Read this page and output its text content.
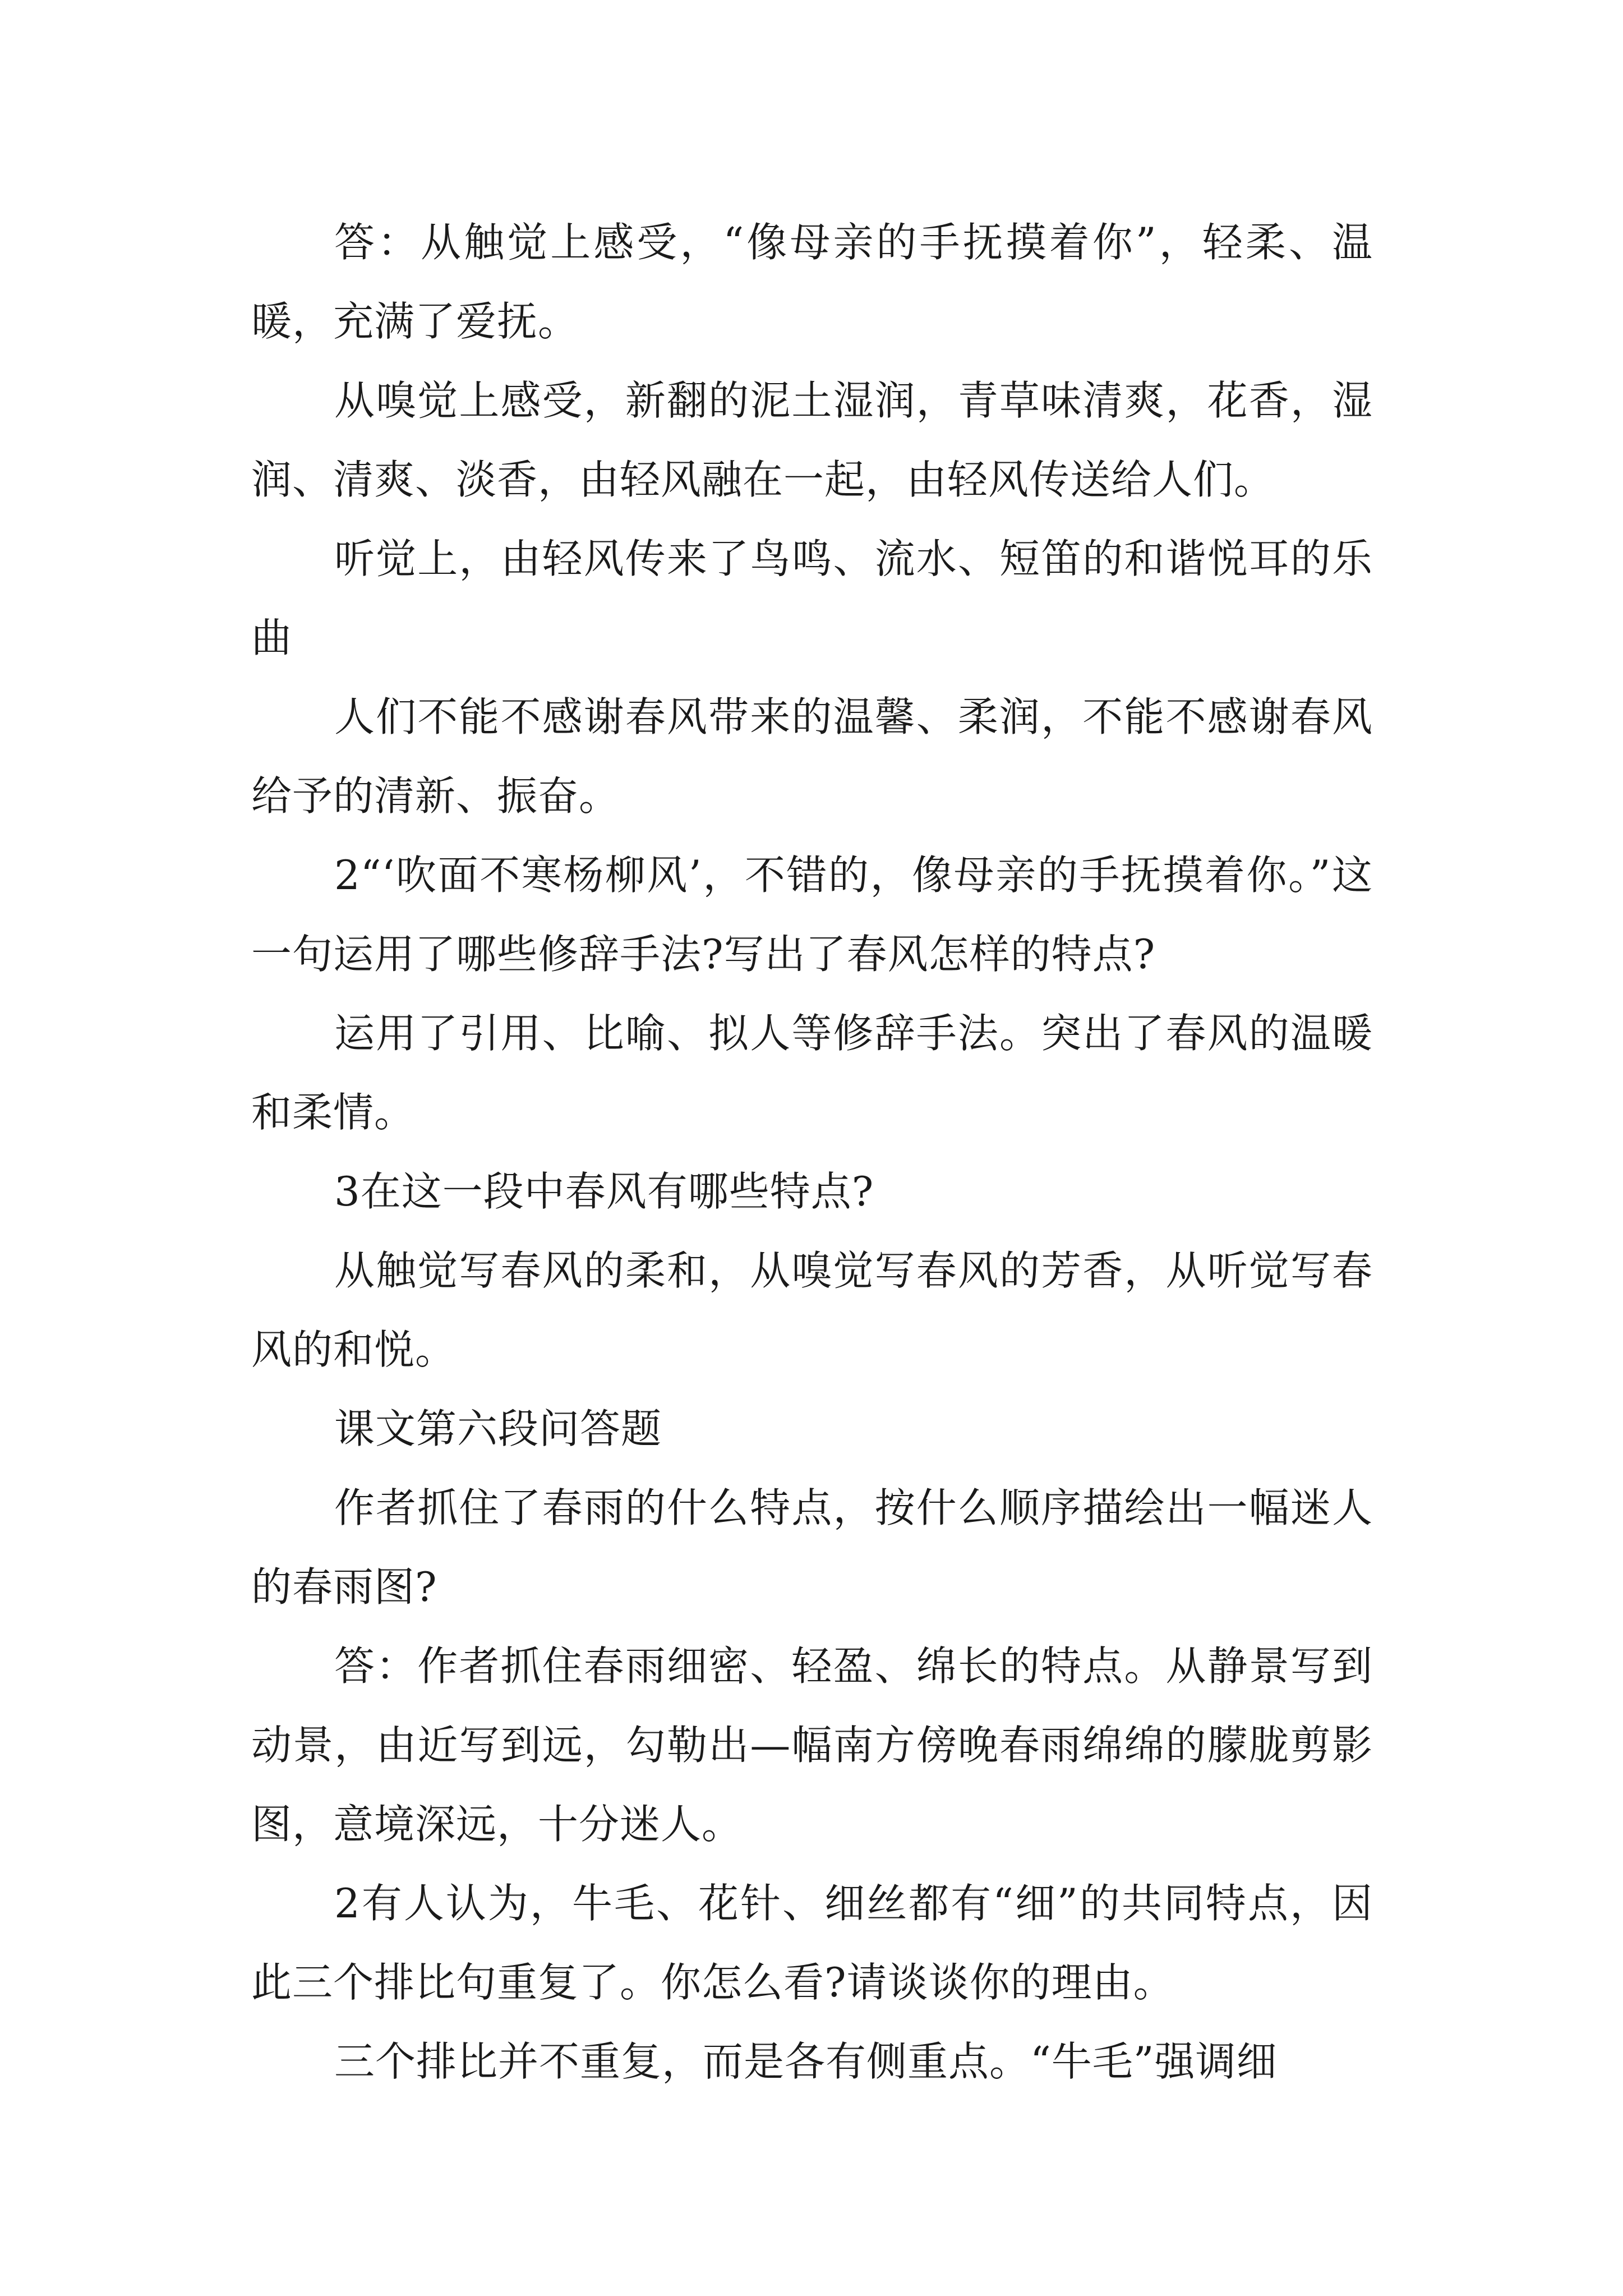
答：从触觉上感受，“像母亲的手抚摸着你”，轻柔、温暖，充满了爱抚。

从嗅觉上感受，新翻的泥土湿润，青草味清爽，花香，湿润、清爽、淡香，由轻风融在一起，由轻风传送给人们。

听觉上，由轻风传来了鸟鸣、流水、短笛的和谐悦耳的乐曲

人们不能不感谢春风带来的温馨、柔润，不能不感谢春风给予的清新、振奋。

2“‘吹面不寒杨柳风’，不错的，像母亲的手抚摸着你。”这一句运用了哪些修辞手法?写出了春风怎样的特点?

运用了引用、比喻、拟人等修辞手法。突出了春风的温暖和柔情。

3在这一段中春风有哪些特点?

从触觉写春风的柔和，从嗅觉写春风的芳香，从听觉写春风的和悦。

课文第六段问答题

作者抓住了春雨的什么特点，按什么顺序描绘出一幅迷人的春雨图?

答：作者抓住春雨细密、轻盈、绵长的特点。从静景写到动景，由近写到远，勾勒出—幅南方傍晚春雨绵绵的朦胧剪影图，意境深远，十分迷人。

2有人认为，牛毛、花针、细丝都有“细”的共同特点，因此三个排比句重复了。你怎么看?请谈谈你的理由。

三个排比并不重复，而是各有侧重点。“牛毛”强调细
